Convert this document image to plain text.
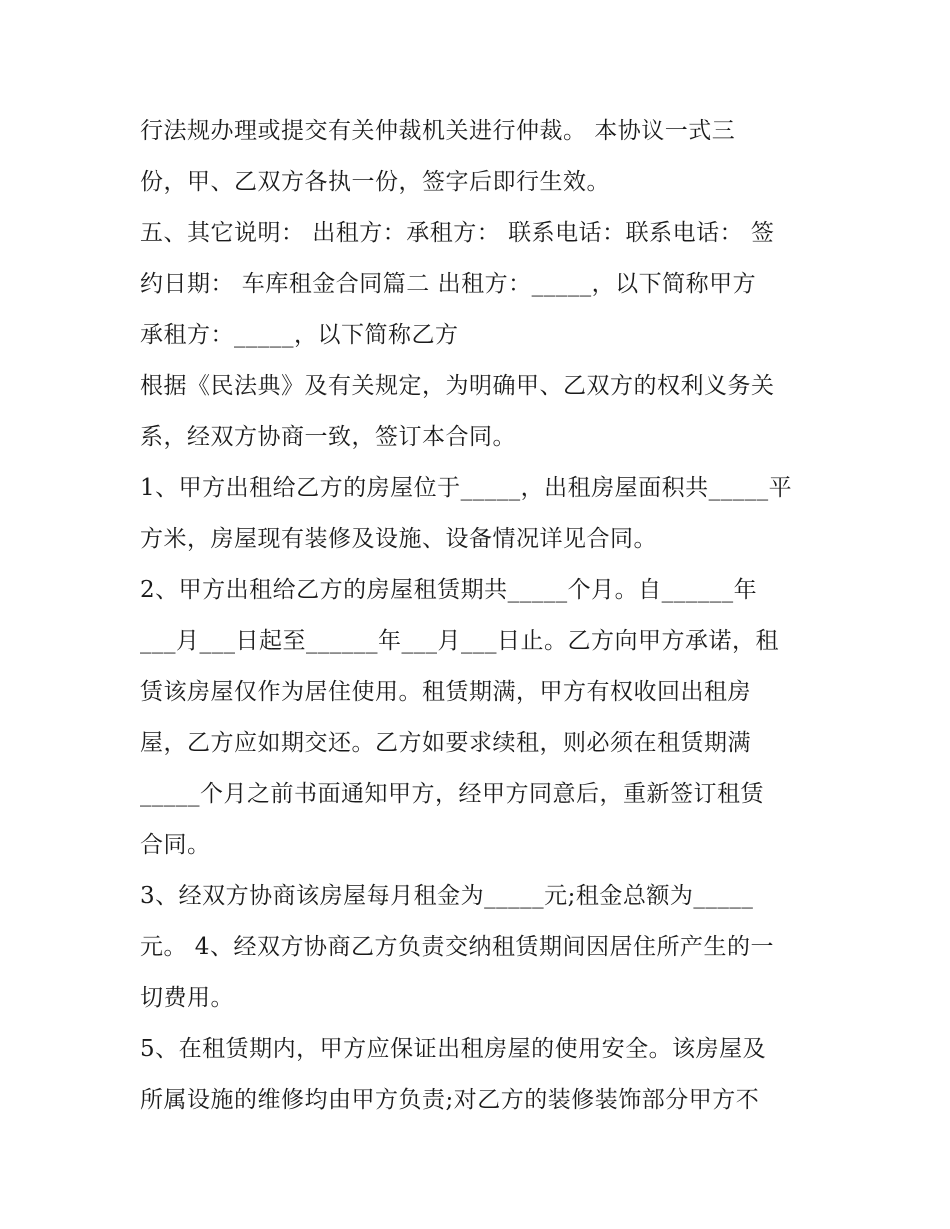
行法规办理或提交有关仲裁机关进行仲裁。 本协议一式三

份，甲、乙双方各执一份，签字后即行生效。

五、其它说明： 出租方：承租方： 联系电话：联系电话： 签

约日期： 车库租金合同篇二 出租方：_____，以下简称甲方

承租方：_____，以下简称乙方

根据《民法典》及有关规定，为明确甲、乙双方的权利义务关

系，经双方协商一致，签订本合同。

1、甲方出租给乙方的房屋位于_____，出租房屋面积共_____平

方米，房屋现有装修及设施、设备情况详见合同。

2、甲方出租给乙方的房屋租赁期共_____个月。自______年

___月___日起至______年___月___日止。乙方向甲方承诺，租

赁该房屋仅作为居住使用。租赁期满，甲方有权收回出租房

屋，乙方应如期交还。乙方如要求续租，则必须在租赁期满

_____个月之前书面通知甲方，经甲方同意后，重新签订租赁

合同。

3、经双方协商该房屋每月租金为_____元;租金总额为_____

元。 4、经双方协商乙方负责交纳租赁期间因居住所产生的一

切费用。

5、在租赁期内，甲方应保证出租房屋的使用安全。该房屋及

所属设施的维修均由甲方负责;对乙方的装修装饰部分甲方不
